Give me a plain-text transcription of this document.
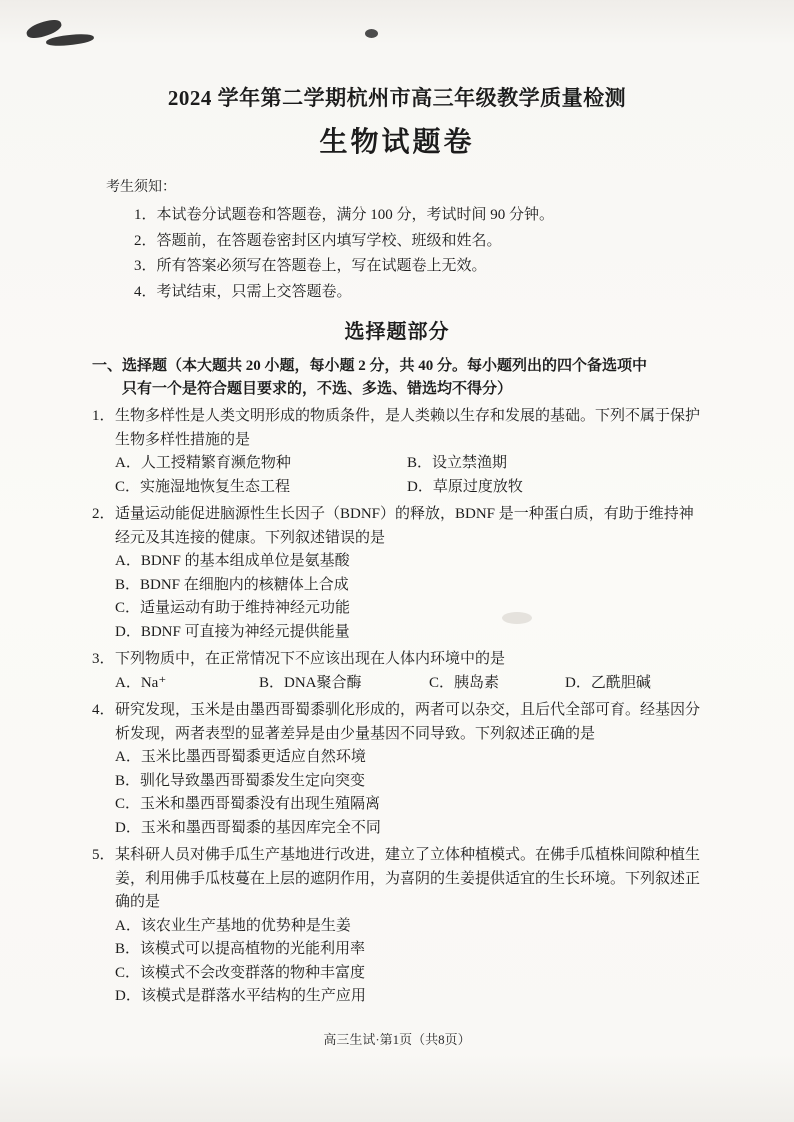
2024 学年第二学期杭州市高三年级教学质量检测
生物试题卷
考生须知：
1．本试卷分试题卷和答题卷，满分 100 分，考试时间 90 分钟。
2．答题前，在答题卷密封区内填写学校、班级和姓名。
3．所有答案必须写在答题卷上，写在试题卷上无效。
4．考试结束，只需上交答题卷。
选择题部分
一、选择题（本大题共 20 小题，每小题 2 分，共 40 分。每小题列出的四个备选项中
只有一个是符合题目要求的，不选、多选、错选均不得分）
1． 生物多样性是人类文明形成的物质条件，是人类赖以生存和发展的基础。下列不属于保护生物多样性措施的是
A．人工授精繁育濒危物种	B．设立禁渔期
C．实施湿地恢复生态工程	D．草原过度放牧
2． 适量运动能促进脑源性生长因子（BDNF）的释放，BDNF 是一种蛋白质，有助于维持神经元及其连接的健康。下列叙述错误的是
A．BDNF 的基本组成单位是氨基酸
B．BDNF 在细胞内的核糖体上合成
C．适量运动有助于维持神经元功能
D．BDNF 可直接为神经元提供能量
3． 下列物质中，在正常情况下不应该出现在人体内环境中的是
A．Na⁺	B．DNA聚合酶	C．胰岛素	D．乙酰胆碱
4． 研究发现，玉米是由墨西哥蜀黍驯化形成的，两者可以杂交，且后代全部可育。经基因分析发现，两者表型的显著差异是由少量基因不同导致。下列叙述正确的是
A．玉米比墨西哥蜀黍更适应自然环境
B．驯化导致墨西哥蜀黍发生定向突变
C．玉米和墨西哥蜀黍没有出现生殖隔离
D．玉米和墨西哥蜀黍的基因库完全不同
5． 某科研人员对佛手瓜生产基地进行改进，建立了立体种植模式。在佛手瓜植株间隙种植生姜，利用佛手瓜枝蔓在上层的遮阴作用，为喜阴的生姜提供适宜的生长环境。下列叙述正确的是
A．该农业生产基地的优势种是生姜
B．该模式可以提高植物的光能利用率
C．该模式不会改变群落的物种丰富度
D．该模式是群落水平结构的生产应用
高三生试·第1页（共8页）
